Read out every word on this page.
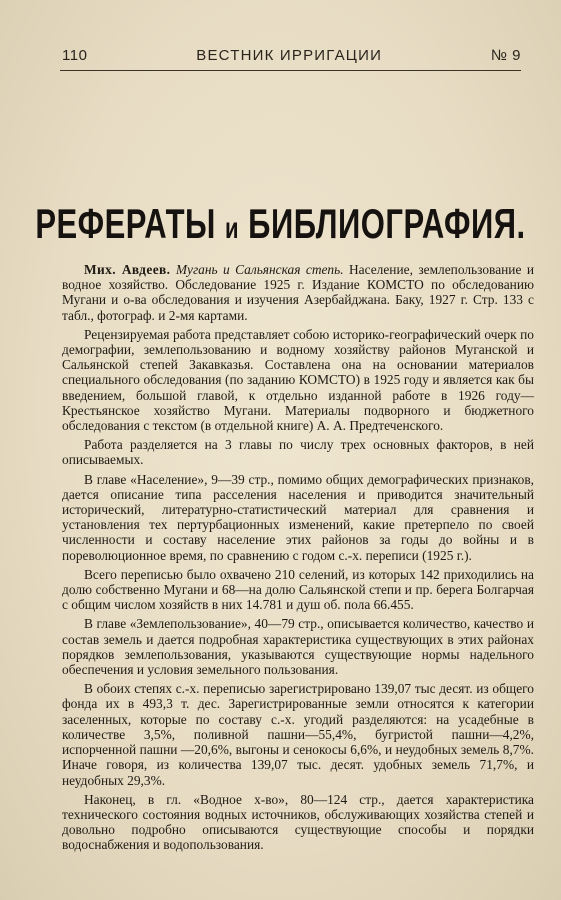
110	ВЕСТНИК ИРРИГАЦИИ	№ 9
РЕФЕРАТЫ и БИБЛИОГРАФИЯ.

Мих. Авдеев. Мугань и Сальянская степь. Население, землепользование и водное хозяйство. Обследование 1925 г. Издание КОМСТО по обследованию Мугани и о-ва обследования и изучения Азербайджана. Баку, 1927 г. Стр. 133 с табл., фотограф. и 2-мя картами.

Рецензируемая работа представляет собою историко-географический очерк по демографии, землепользованию и водному хозяйству районов Муганской и Сальянской степей Закавказья. Составлена она на основании материалов специального обследования (по заданию КОМСТО) в 1925 году и является как бы введением, большой главой, к отдельно изданной работе в 1926 году—Крестьянское хозяйство Мугани. Материалы подворного и бюджетного обследования с текстом (в отдельной книге) А. А. Предтеченского.

Работа разделяется на 3 главы по числу трех основных факторов, в ней описываемых.

В главе «Население», 9—39 стр., помимо общих демографических признаков, дается описание типа расселения населения и приводится значительный исторический, литературно-статистический материал для сравнения и установления тех пертурбационных изменений, какие претерпело по своей численности и составу население этих районов за годы до войны и в пореволюционное время, по сравнению с годом с.-х. переписи (1925 г.).

Всего переписью было охвачено 210 селений, из которых 142 приходились на долю собственно Мугани и 68—на долю Сальянской степи и пр. берега Болгарчая с общим числом хозяйств в них 14.781 и душ об. пола 66.455.

В главе «Землепользование», 40—79 стр., описывается количество, качество и состав земель и дается подробная характеристика существующих в этих районах порядков землепользования, указываются существующие нормы надельного обеспечения и условия земельного пользования.

В обоих степях с.-х. переписью зарегистрировано 139,07 тыс десят. из общего фонда их в 493,3 т. дес. Зарегистрированные земли относятся к категории заселенных, которые по составу с.-х. угодий разделяются: на усадебные в количестве 3,5%, поливной пашни—55,4%, бугристой пашни—4,2%, испорченной пашни —20,6%, выгоны и сенокосы 6,6%, и неудобных земель 8,7%. Иначе говоря, из количества 139,07 тыс. десят. удобных земель 71,7%, и неудобных 29,3%.

Наконец, в гл. «Водное х-во», 80—124 стр., дается характеристика технического состояния водных источников, обслуживающих хозяйства степей и довольно подробно описываются существующие способы и порядки водоснабжения и водопользования.
